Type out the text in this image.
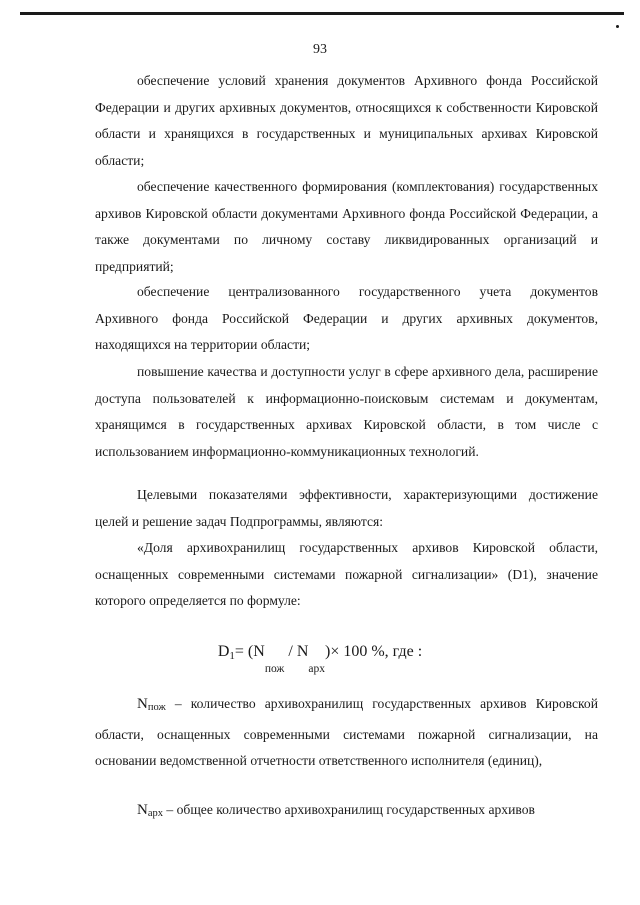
93

обеспечение условий хранения документов Архивного фонда Российской Федерации и других архивных документов, относящихся к собственности Кировской области и хранящихся в государственных и муниципальных архивах Кировской области;

обеспечение качественного формирования (комплектования) государственных архивов Кировской области документами Архивного фонда Российской Федерации, а также документами по личному составу ликвидированных организаций и предприятий;

обеспечение централизованного государственного учета документов Архивного фонда Российской Федерации и других архивных документов, находящихся на территории области;

повышение качества и доступности услуг в сфере архивного дела, расширение доступа пользователей к информационно-поисковым системам и документам, хранящимся в государственных архивах Кировской области, в том числе с использованием информационно-коммуникационных технологий.

Целевыми показателями эффективности, характеризующими достижение целей и решение задач Подпрограммы, являются:

«Доля архивохранилищ государственных архивов Кировской области, оснащенных современными системами пожарной сигнализации» (D1), значение которого определяется по формуле:

$D1= (N_{пож} / N_{арх})\times 100$ %, где :

Nпож – количество архивохранилищ государственных архивов Кировской области, оснащенных современными системами пожарной сигнализации, на основании ведомственной отчетности ответственного исполнителя (единиц),

Nарх – общее количество архивохранилищ государственных архивов
